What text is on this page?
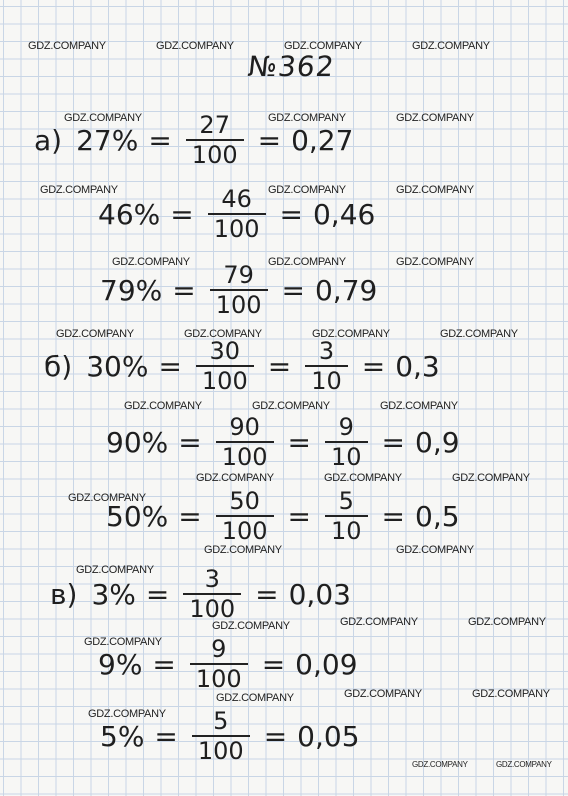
GDZ.COMPANY	GDZ.COMPANY	GDZ.COMPANY	GDZ.COMPANY
GDZ.COMPANY	GDZ.COMPANY	GDZ.COMPANY
GDZ.COMPANY	GDZ.COMPANY	GDZ.COMPANY
GDZ.COMPANY	GDZ.COMPANY	GDZ.COMPANY
GDZ.COMPANY	GDZ.COMPANY	GDZ.COMPANY	GDZ.COMPANY
GDZ.COMPANY	GDZ.COMPANY	GDZ.COMPANY
GDZ.COMPANY	GDZ.COMPANY	GDZ.COMPANY
GDZ.COMPANY
GDZ.COMPANY	GDZ.COMPANY
GDZ.COMPANY
GDZ.COMPANY	GDZ.COMPANY	GDZ.COMPANY
GDZ.COMPANY
GDZ.COMPANY	GDZ.COMPANY	GDZ.COMPANY
GDZ.COMPANY
GDZ.COMPANY	GDZ.COMPANY
№362
а) $27\% = \frac{27}{100} = 0,27$
$46\% = \frac{46}{100} = 0,46$
$79\% = \frac{79}{100} = 0,79$
б) $30\% = \frac{30}{100} = \frac{3}{10} = 0,3$
$90\% = \frac{90}{100} = \frac{9}{10} = 0,9$
$50\% = \frac{50}{100} = \frac{5}{10} = 0,5$
в) $3\% = \frac{3}{100} = 0,03$
$9\% = \frac{9}{100} = 0,09$
$5\% = \frac{5}{100} = 0,05$
